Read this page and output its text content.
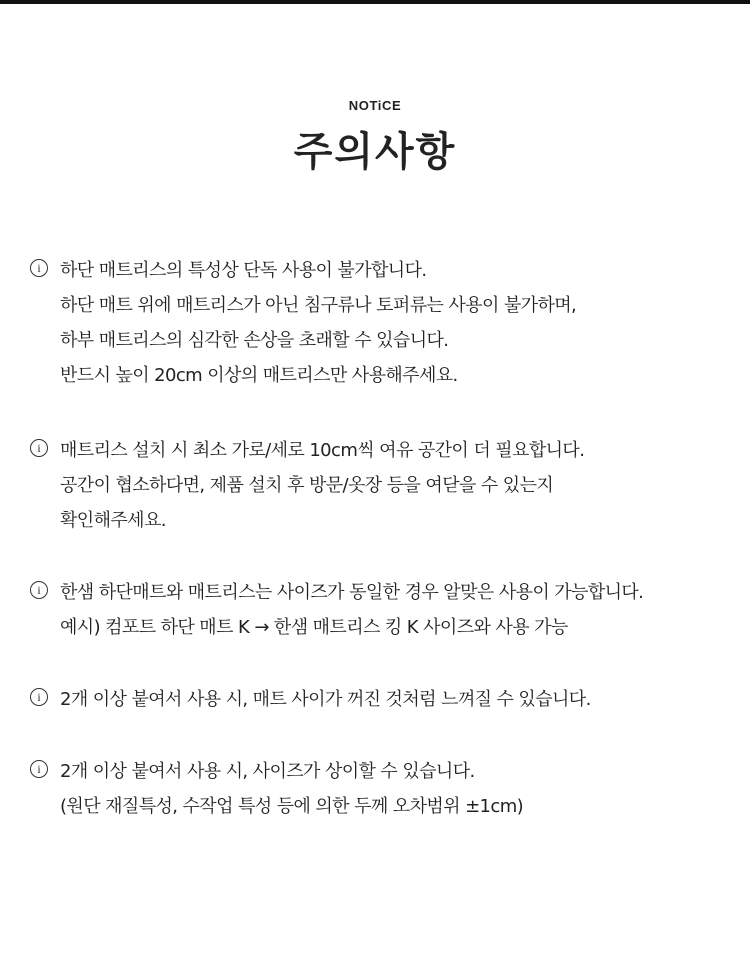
NOTiCE
주의사항
i	하단 매트리스의 특성상 단독 사용이 불가합니다.
하단 매트 위에 매트리스가 아닌 침구류나 토퍼류는 사용이 불가하며,
하부 매트리스의 심각한 손상을 초래할 수 있습니다.
반드시 높이 20cm 이상의 매트리스만 사용해주세요.
i	매트리스 설치 시 최소 가로/세로 10cm씩 여유 공간이 더 필요합니다.
공간이 협소하다면, 제품 설치 후 방문/옷장 등을 여닫을 수 있는지
확인해주세요.
i	한샘 하단매트와 매트리스는 사이즈가 동일한 경우 알맞은 사용이 가능합니다.
예시) 컴포트 하단 매트 K → 한샘 매트리스 킹 K 사이즈와 사용 가능
i	2개 이상 붙여서 사용 시, 매트 사이가 꺼진 것처럼 느껴질 수 있습니다.
i	2개 이상 붙여서 사용 시, 사이즈가 상이할 수 있습니다.
(원단 재질특성, 수작업 특성 등에 의한 두께 오차범위 ±1cm)
